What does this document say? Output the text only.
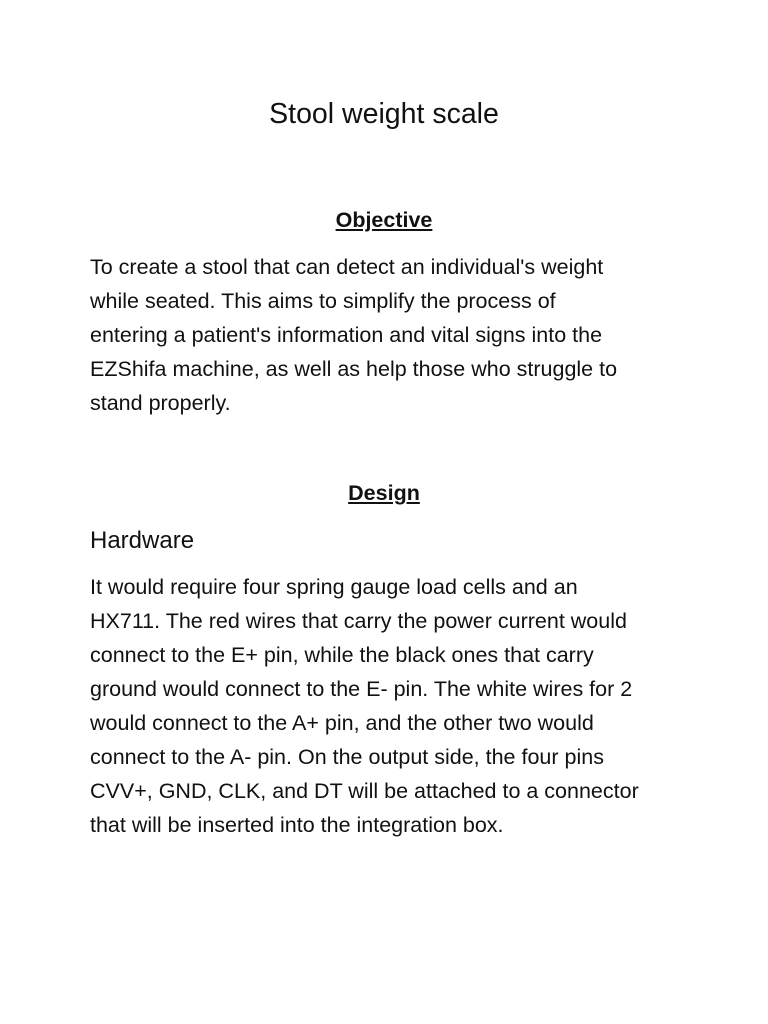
Stool weight scale
Objective

To create a stool that can detect an individual's weight
while seated. This aims to simplify the process of
entering a patient's information and vital signs into the
EZShifa machine, as well as help those who struggle to
stand properly.

Design
Hardware

It would require four spring gauge load cells and an
HX711. The red wires that carry the power current would
connect to the E+ pin, while the black ones that carry
ground would connect to the E- pin. The white wires for 2
would connect to the A+ pin, and the other two would
connect to the A- pin. On the output side, the four pins
CVV+, GND, CLK, and DT will be attached to a connector
that will be inserted into the integration box.
